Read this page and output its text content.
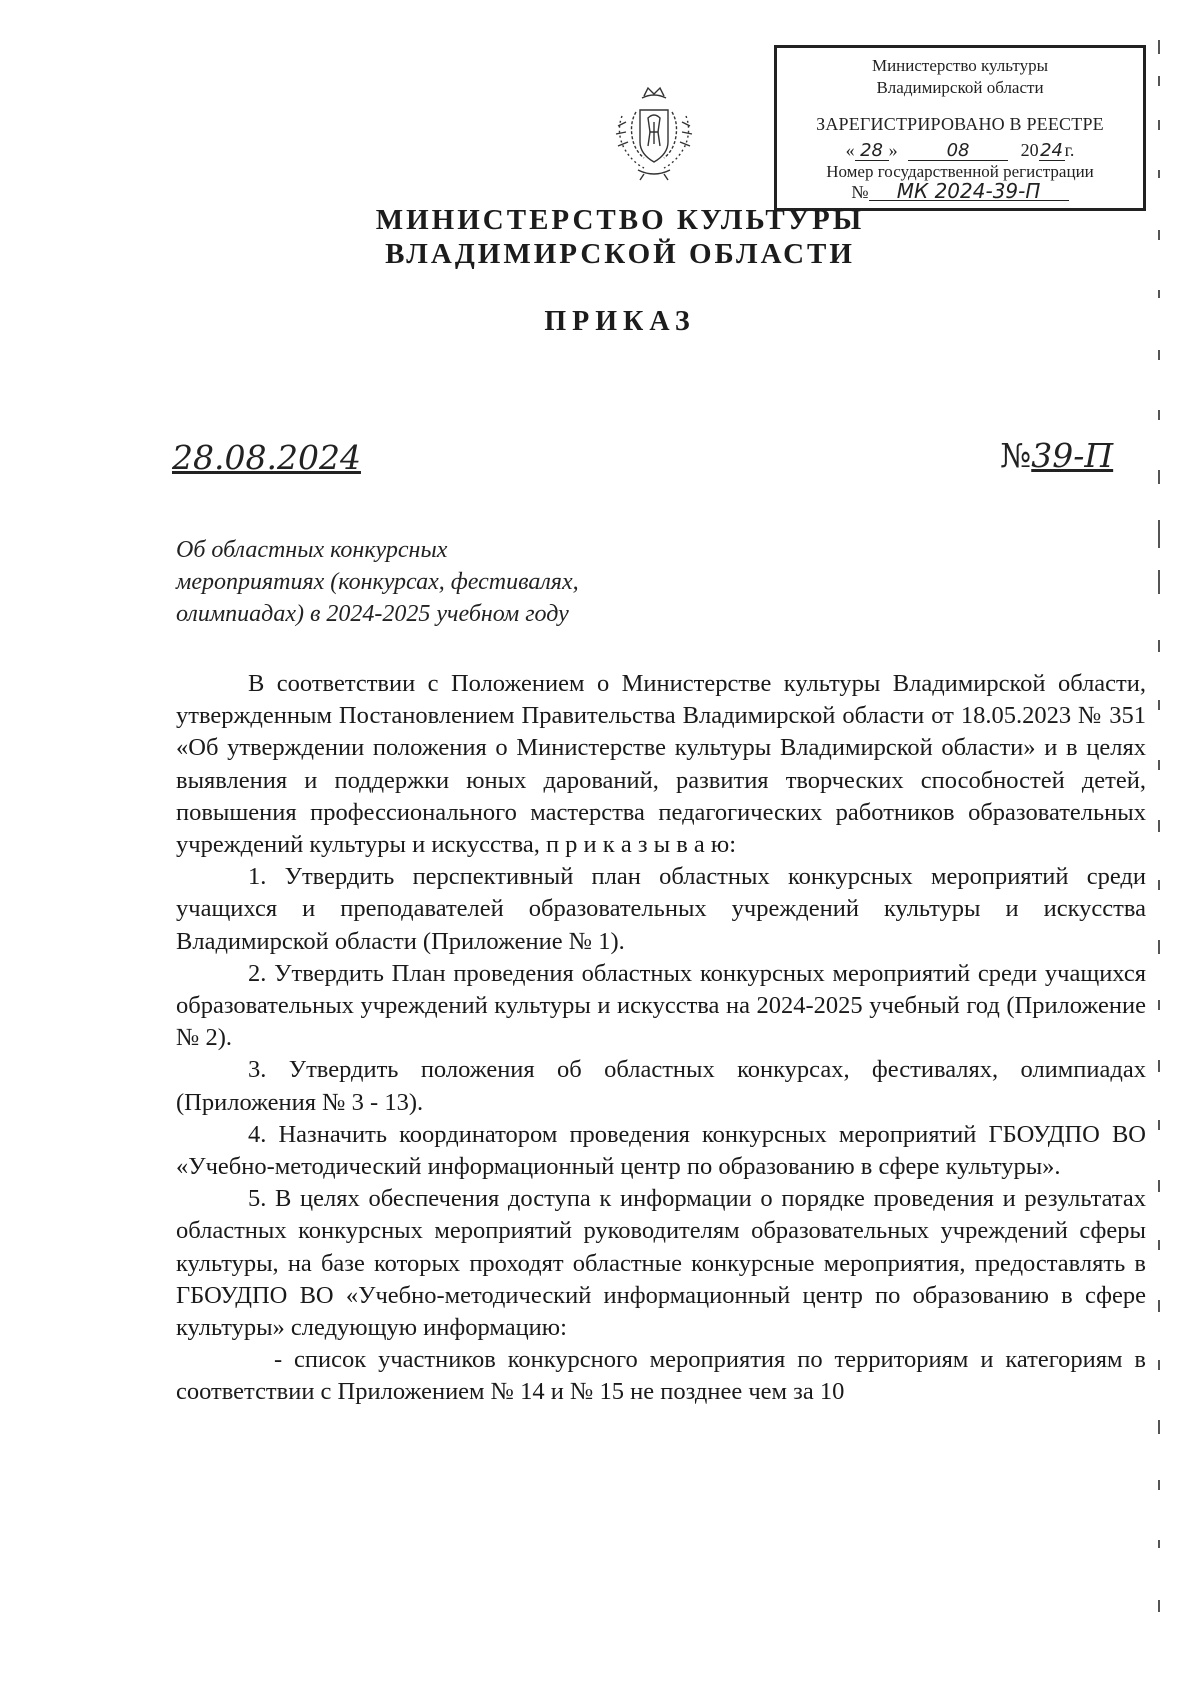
Министерство культуры
Владимирской области
ЗАРЕГИСТРИРОВАНО В РЕЕСТРЕ
« 28 »	08	2024г.
Номер государственной регистрации
№ МК 2024-39-П
МИНИСТЕРСТВО КУЛЬТУРЫ
ВЛАДИМИРСКОЙ ОБЛАСТИ
ПРИКАЗ
28.08.2024	№39-П
Об областных конкурсных
мероприятиях (конкурсах, фестивалях,
олимпиадах) в 2024-2025 учебном году

В соответствии с Положением о Министерстве культуры Владимирской области, утвержденным Постановлением Правительства Владимирской области от 18.05.2023 № 351 «Об утверждении положения о Министерстве культуры Владимирской области» и в целях выявления и поддержки юных дарований, развития творческих способностей детей, повышения профессионального мастерства педагогических работников образовательных учреждений культуры и искусства, п р и к а з ы в а ю:

1. Утвердить перспективный план областных конкурсных мероприятий среди учащихся и преподавателей образовательных учреждений культуры и искусства Владимирской области (Приложение № 1).

2. Утвердить План проведения областных конкурсных мероприятий среди учащихся образовательных учреждений культуры и искусства на 2024-2025 учебный год (Приложение № 2).

3. Утвердить положения об областных конкурсах, фестивалях, олимпиадах (Приложения № 3 - 13).

4. Назначить координатором проведения конкурсных мероприятий ГБОУДПО ВО «Учебно-методический информационный центр по образованию в сфере культуры».

5. В целях обеспечения доступа к информации о порядке проведения и результатах областных конкурсных мероприятий руководителям образовательных учреждений сферы культуры, на базе которых проходят областные конкурсные мероприятия, предоставлять в ГБОУДПО ВО «Учебно-методический информационный центр по образованию в сфере культуры» следующую информацию:

- список участников конкурсного мероприятия по территориям и категориям в соответствии с Приложением № 14 и № 15 не позднее чем за 10
